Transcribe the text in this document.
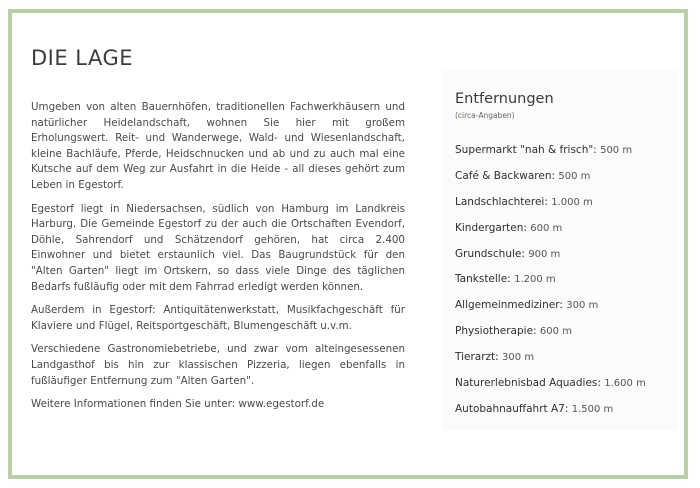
DIE LAGE

Umgeben von alten Bauernhöfen, traditionellen Fachwerkhäusern und natürlicher Heidelandschaft, wohnen Sie hier mit großem Erholungswert. Reit- und Wanderwege, Wald- und Wiesenlandschaft, kleine Bachläufe, Pferde, Heidschnucken und ab und zu auch mal eine Kutsche auf dem Weg zur Ausfahrt in die Heide - all dieses gehört zum Leben in Egestorf.

Egestorf liegt in Niedersachsen, südlich von Hamburg im Landkreis Harburg. Die Gemeinde Egestorf zu der auch die Ortschaften Evendorf, Döhle, Sahrendorf und Schätzendorf gehören, hat circa 2.400 Einwohner und bietet erstaunlich viel. Das Baugrundstück für den "Alten Garten" liegt im Ortskern, so dass viele Dinge des täglichen Bedarfs fußläufig oder mit dem Fahrrad erledigt werden können.

Außerdem in Egestorf: Antiquitätenwerkstatt, Musikfachgeschäft für Klaviere und Flügel, Reitsportgeschäft, Blumengeschäft u.v.m.

Verschiedene Gastronomiebetriebe, und zwar vom alteingesessenen Landgasthof bis hin zur klassischen Pizzeria, liegen ebenfalls in fußläufiger Entfernung zum "Alten Garten".

Weitere Informationen finden Sie unter: www.egestorf.de

Entfernungen
(circa-Angaben)
Supermarkt "nah & frisch": 500 m
Café & Backwaren: 500 m
Landschlachterei: 1.000 m
Kindergarten: 600 m
Grundschule: 900 m
Tankstelle: 1.200 m
Allgemeinmediziner: 300 m
Physiotherapie: 600 m
Tierarzt: 300 m
Naturerlebnisbad Aquadies: 1.600 m
Autobahnauffahrt A7: 1.500 m
